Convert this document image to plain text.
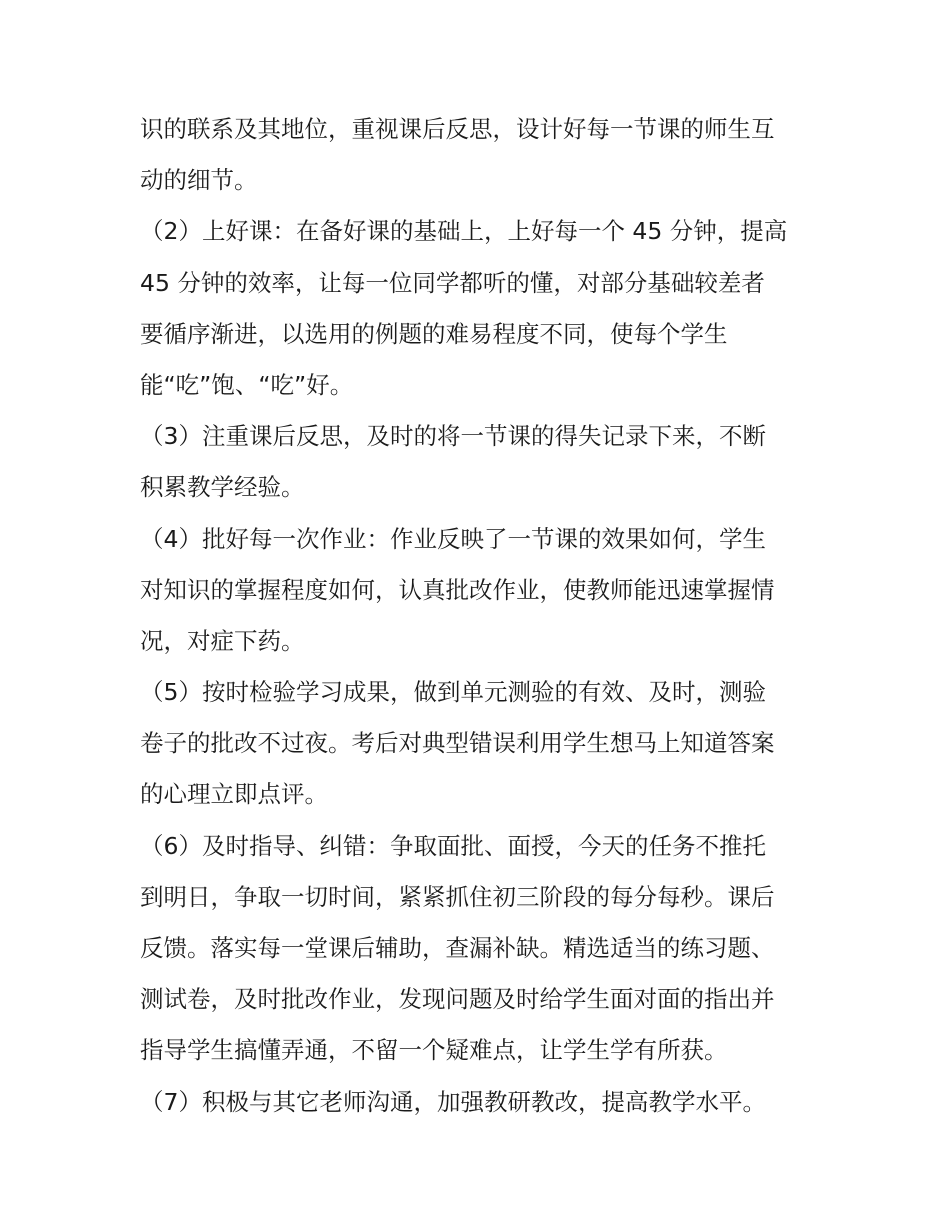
识的联系及其地位，重视课后反思，设计好每一节课的师生互
动的细节。
（2）上好课：在备好课的基础上，上好每一个 45 分钟，提高
45 分钟的效率，让每一位同学都听的懂，对部分基础较差者
要循序渐进，以选用的例题的难易程度不同，使每个学生
能“吃”饱、“吃”好。
（3）注重课后反思，及时的将一节课的得失记录下来，不断
积累教学经验。
（4）批好每一次作业：作业反映了一节课的效果如何，学生
对知识的掌握程度如何，认真批改作业，使教师能迅速掌握情
况，对症下药。
（5）按时检验学习成果，做到单元测验的有效、及时，测验
卷子的批改不过夜。考后对典型错误利用学生想马上知道答案
的心理立即点评。
（6）及时指导、纠错：争取面批、面授，今天的任务不推托
到明日，争取一切时间，紧紧抓住初三阶段的每分每秒。课后
反馈。落实每一堂课后辅助，查漏补缺。精选适当的练习题、
测试卷，及时批改作业，发现问题及时给学生面对面的指出并
指导学生搞懂弄通，不留一个疑难点，让学生学有所获。
（7）积极与其它老师沟通，加强教研教改，提高教学水平。
